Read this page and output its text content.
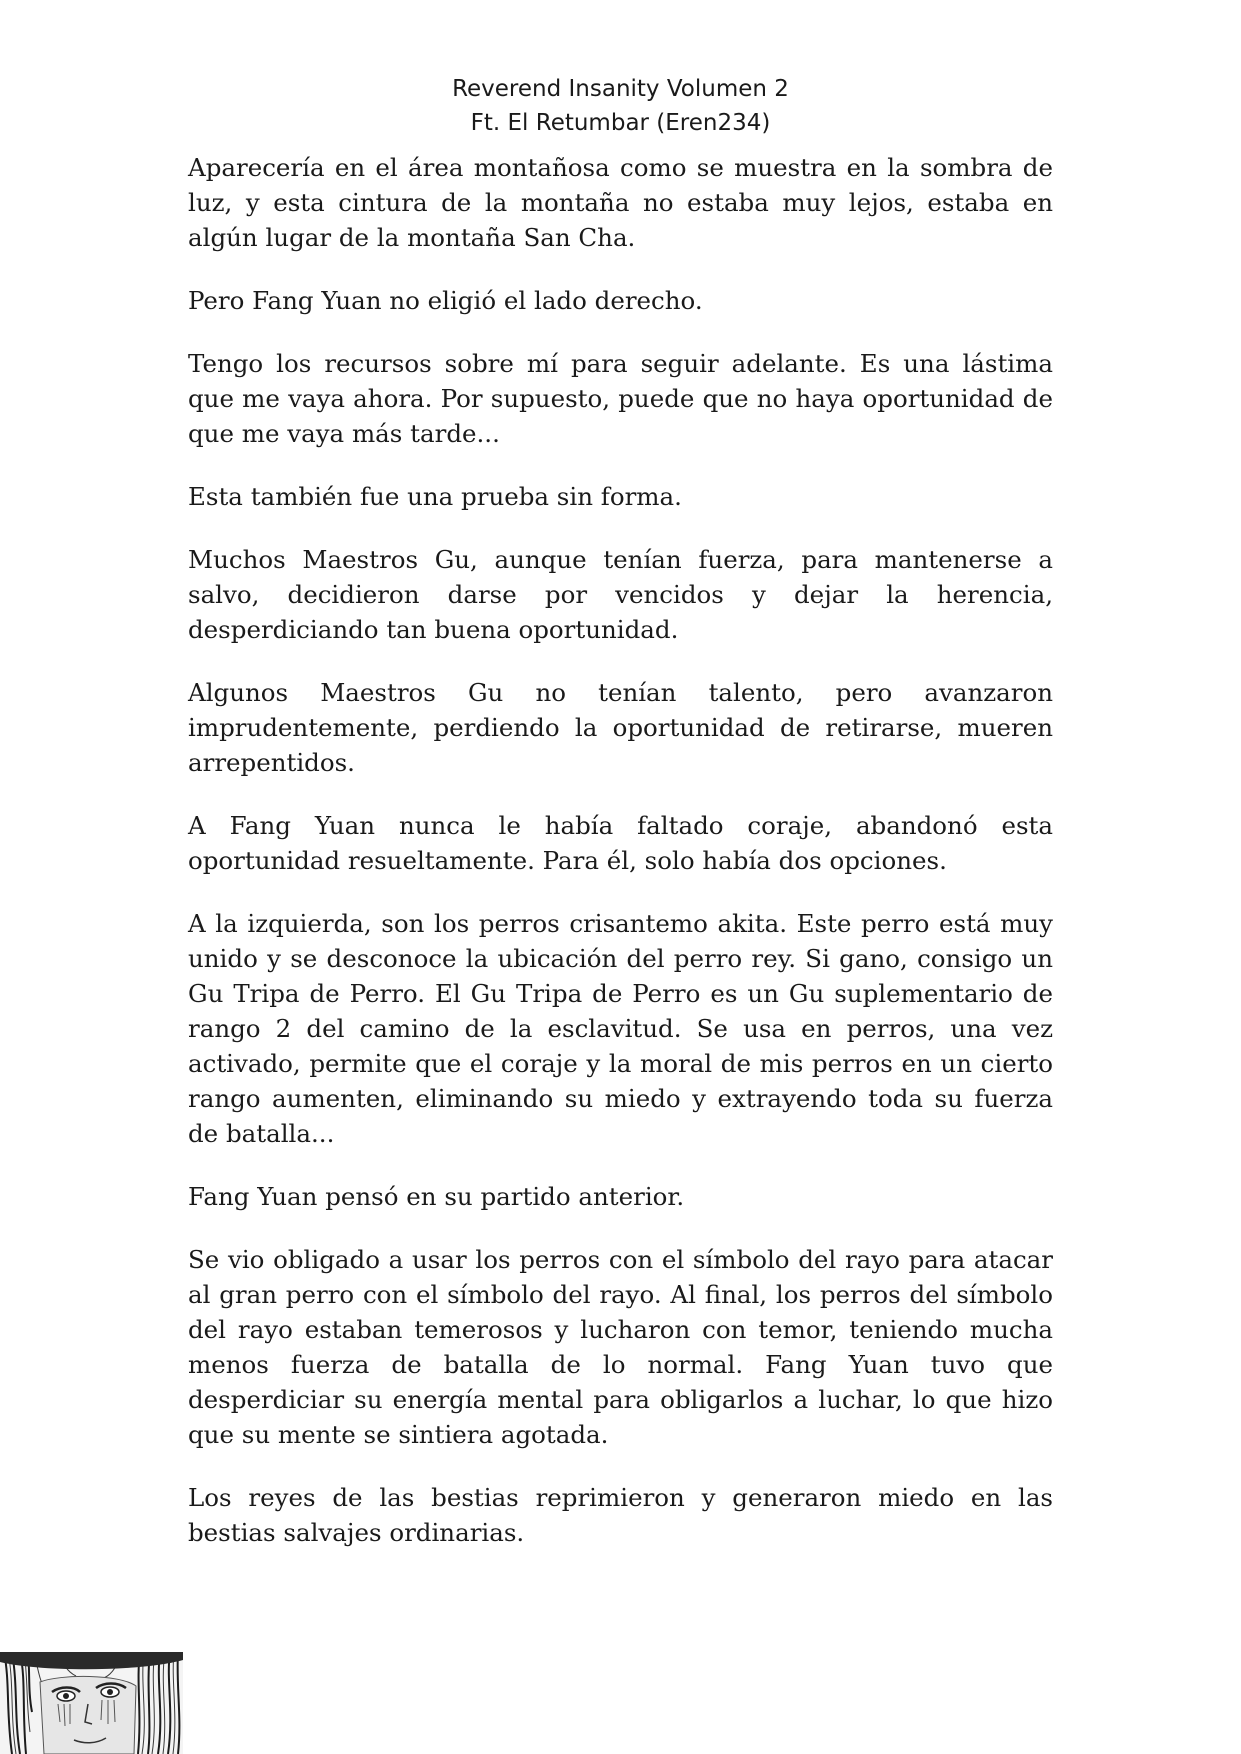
Reverend Insanity Volumen 2
Ft. El Retumbar (Eren234)

Aparecería en el área montañosa como se muestra en la sombra de luz, y esta cintura de la montaña no estaba muy lejos, estaba en algún lugar de la montaña San Cha.

Pero Fang Yuan no eligió el lado derecho.

Tengo los recursos sobre mí para seguir adelante. Es una lástima que me vaya ahora. Por supuesto, puede que no haya oportunidad de que me vaya más tarde...

Esta también fue una prueba sin forma.

Muchos Maestros Gu, aunque tenían fuerza, para mantenerse a salvo, decidieron darse por vencidos y dejar la herencia, desperdiciando tan buena oportunidad.

Algunos Maestros Gu no tenían talento, pero avanzaron imprudentemente, perdiendo la oportunidad de retirarse, mueren arrepentidos.

A Fang Yuan nunca le había faltado coraje, abandonó esta oportunidad resueltamente. Para él, solo había dos opciones.

A la izquierda, son los perros crisantemo akita. Este perro está muy unido y se desconoce la ubicación del perro rey. Si gano, consigo un Gu Tripa de Perro. El Gu Tripa de Perro es un Gu suplementario de rango 2 del camino de la esclavitud. Se usa en perros, una vez activado, permite que el coraje y la moral de mis perros en un cierto rango aumenten, eliminando su miedo y extrayendo toda su fuerza de batalla...

Fang Yuan pensó en su partido anterior.

Se vio obligado a usar los perros con el símbolo del rayo para atacar al gran perro con el símbolo del rayo. Al final, los perros del símbolo del rayo estaban temerosos y lucharon con temor, teniendo mucha menos fuerza de batalla de lo normal. Fang Yuan tuvo que desperdiciar su energía mental para obligarlos a luchar, lo que hizo que su mente se sintiera agotada.

Los reyes de las bestias reprimieron y generaron miedo en las bestias salvajes ordinarias.
